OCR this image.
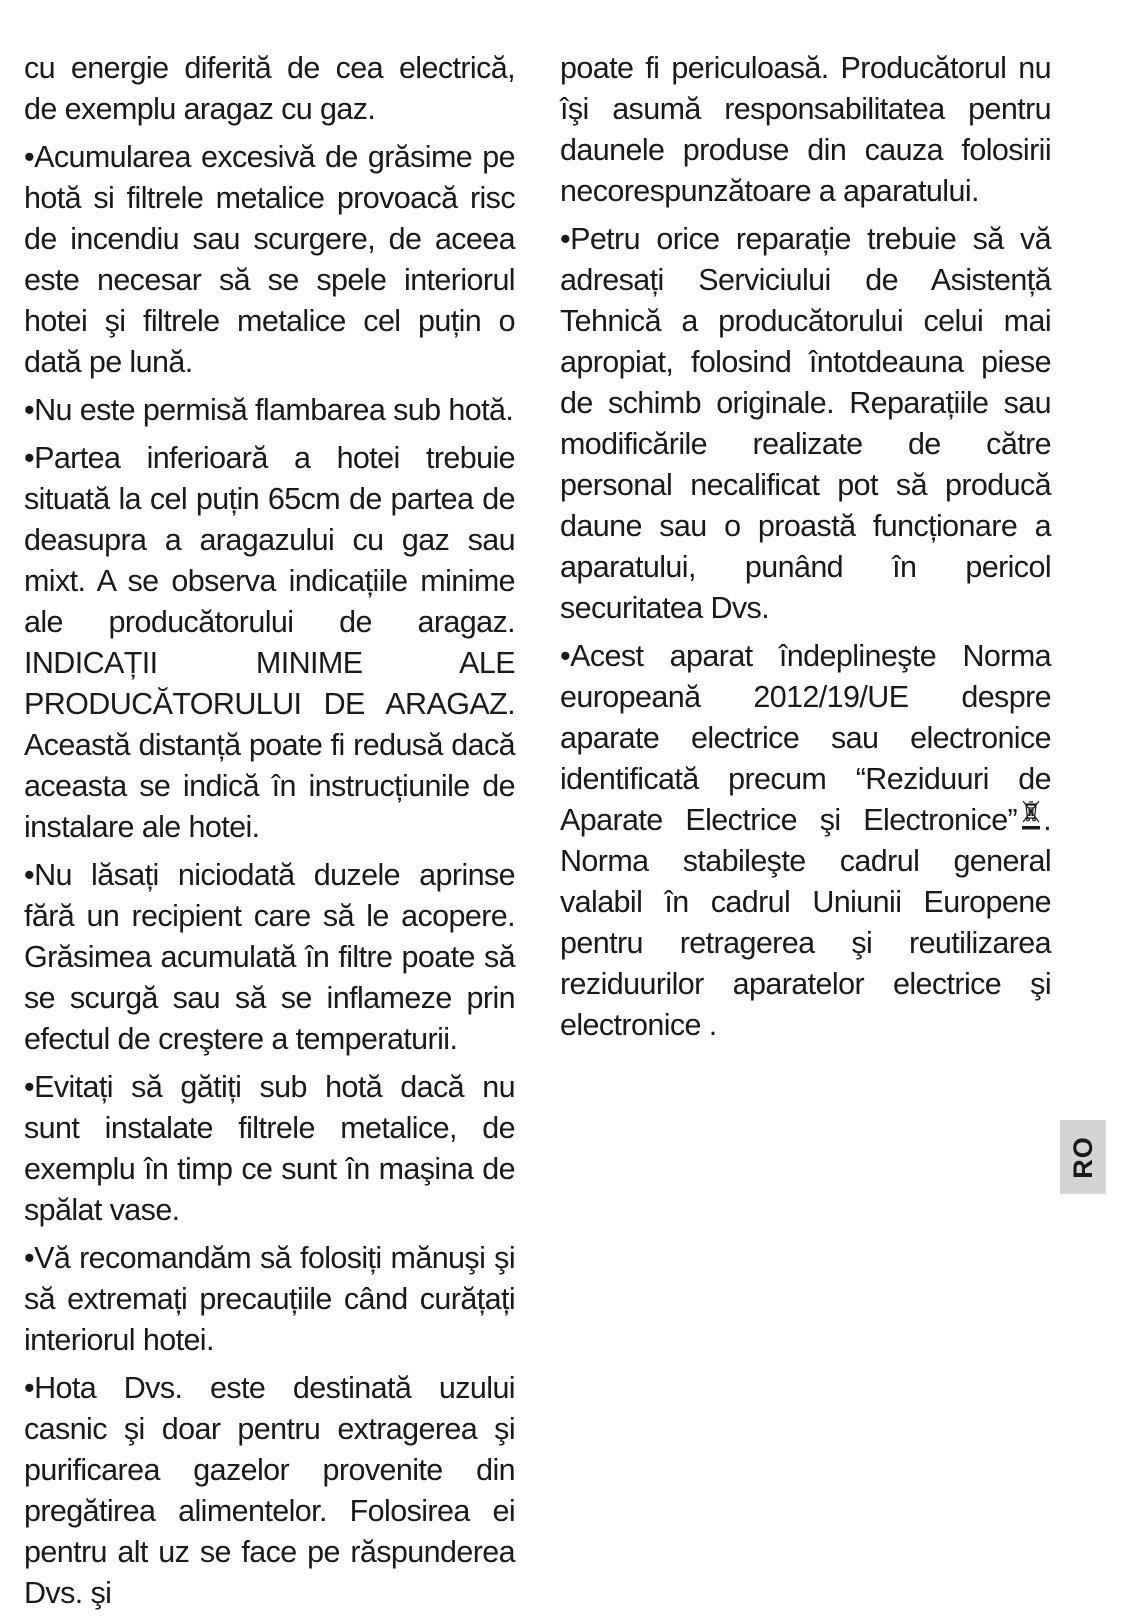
cu energie diferită de cea electrică, de exemplu aragaz cu gaz.

•Acumularea excesivă de grăsime pe hotă si filtrele metalice provoacă risc de incendiu sau scurgere, de aceea este necesar să se spele interiorul hotei şi filtrele metalice cel puțin o dată pe lună.

•Nu este permisă flambarea sub hotă.

•Partea inferioară a hotei trebuie situată la cel puțin 65cm de partea de deasupra a aragazului cu gaz sau mixt. A se observa indicațiile minime ale producătorului de aragaz. INDICAȚII MINIME ALE PRODUCĂTORULUI DE ARAGAZ. Această distanță poate fi redusă dacă aceasta se indică în instrucțiunile de instalare ale hotei.

•Nu lăsați niciodată duzele aprinse fără un recipient care să le acopere. Grăsimea acumulată în filtre poate să se scurgă sau să se inflameze prin efectul de creştere a temperaturii.

•Evitați să gătiți sub hotă dacă nu sunt instalate filtrele metalice, de exemplu în timp ce sunt în maşina de spălat vase.

•Vă recomandăm să folosiți mănuşi şi să extremați precauțiile când curățați interiorul hotei.

•Hota Dvs. este destinată uzului casnic şi doar pentru extragerea şi purificarea gazelor provenite din pregătirea alimentelor. Folosirea ei pentru alt uz se face pe răspunderea Dvs. şi

poate fi periculoasă. Producătorul nu îşi asumă responsabilitatea pentru daunele produse din cauza folosirii necorespunzătoare a aparatului.

•Petru orice reparație trebuie să vă adresați Serviciului de Asistență Tehnică a producătorului celui mai apropiat, folosind întotdeauna piese de schimb originale. Reparațiile sau modificările realizate de către personal necalificat pot să producă daune sau o proastă funcționare a aparatului, punând în pericol securitatea Dvs.

•Acest aparat îndeplineşte Norma europeană 2012/19/UE despre aparate electrice sau electronice identificată precum “Reziduuri de Aparate Electrice şi Electronice” . Norma stabileşte cadrul general valabil în cadrul Uniunii Europene pentru retragerea şi reutilizarea reziduurilor aparatelor electrice şi electronice .

RO
